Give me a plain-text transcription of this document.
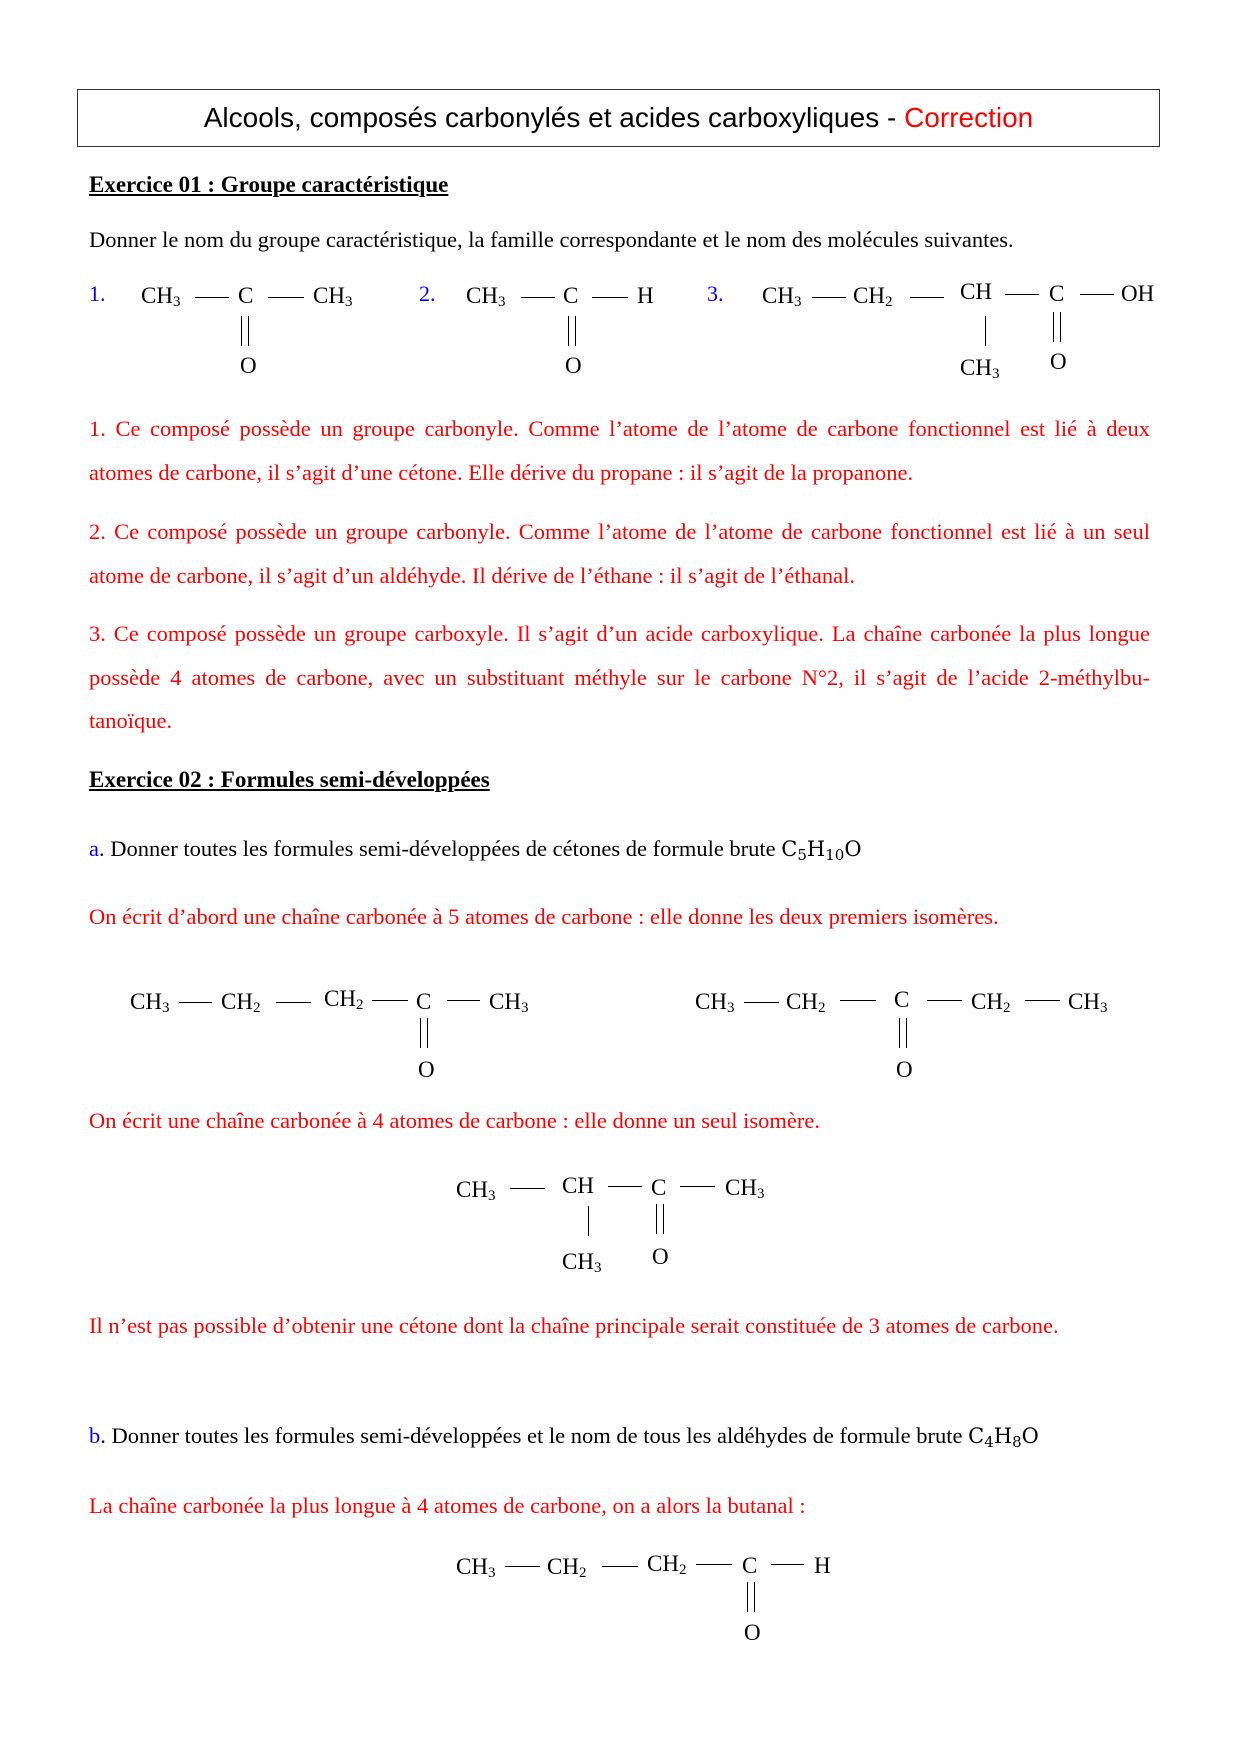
Alcools, composés carbonylés et acides carboxyliques - Correction
Exercice 01 : Groupe caractéristique
Donner le nom du groupe caractéristique, la famille correspondante et le nom des molécules suivantes.
1. $CH_3$	C	$CH_3$
O
2. $CH_3$	C	H
O
3. $CH_3$ $CH_2$	CH C OH
$CH_3$ O
1. Ce composé possède un groupe carbonyle. Comme l’atome de l’atome de carbone fonctionnel est lié à deux atomes de carbone, il s’agit d’une cétone. Elle dérive du propane : il s’agit de la propanone.
2. Ce composé possède un groupe carbonyle. Comme l’atome de l’atome de carbone fonctionnel est lié à un seul atome de carbone, il s’agit d’un aldéhyde. Il dérive de l’éthane : il s’agit de l’éthanal.
3. Ce composé possède un groupe carboxyle. Il s’agit d’un acide carboxylique. La chaîne carbonée la plus longue possède 4 atomes de carbone, avec un substituant méthyle sur le carbone N°2, il s’agit de l’acide 2-méthylbu-tanoïque.
Exercice 02 : Formules semi-développées
a. Donner toutes les formules semi-développées de cétones de formule brute $C_5H_{10}O$
On écrit d’abord une chaîne carbonée à 5 atomes de carbone : elle donne les deux premiers isomères.
$CH_3$ $CH_2$	$CH_2$ C	$CH_3$
O
$CH_3$ $CH_2$	C	$CH_2$	$CH_3$
O
On écrit une chaîne carbonée à 4 atomes de carbone : elle donne un seul isomère.
$CH_3$	CH C	$CH_3$
$CH_3$ O
Il n’est pas possible d’obtenir une cétone dont la chaîne principale serait constituée de 3 atomes de carbone.
b. Donner toutes les formules semi-développées et le nom de tous les aldéhydes de formule brute $C_4H_8O$
La chaîne carbonée la plus longue à 4 atomes de carbone, on a alors la butanal :
$CH_3$ $CH_2$	$CH_2$ C H
O
